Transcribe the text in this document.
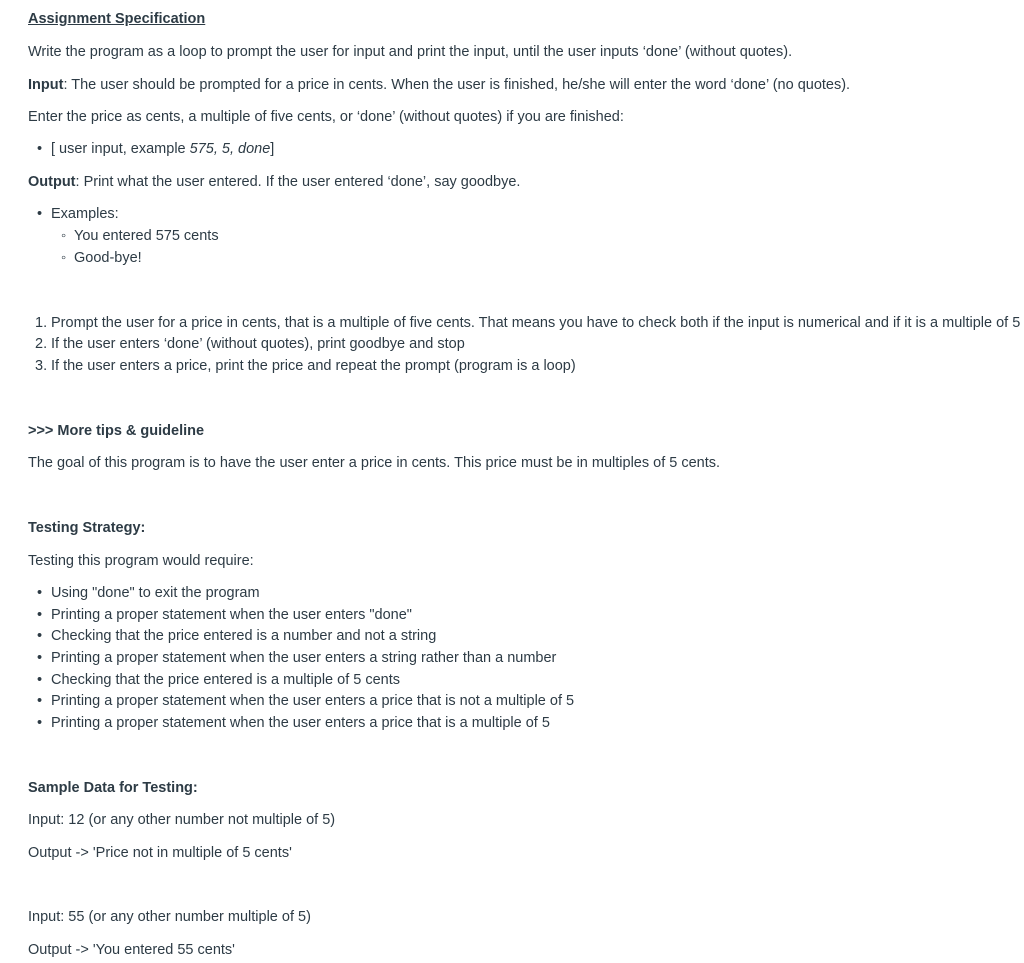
Assignment Specification
Write the program as a loop to prompt the user for input and print the input, until the user inputs ‘done’ (without quotes).
Input: The user should be prompted for a price in cents. When the user is finished, he/she will enter the word ‘done’ (no quotes).
Enter the price as cents, a multiple of five cents, or ‘done’ (without quotes) if you are finished:
• [ user input, example 575, 5, done]
Output: Print what the user entered. If the user entered ‘done’, say goodbye.
• Examples:
◦ You entered 575 cents
◦ Good-bye!
1. Prompt the user for a price in cents, that is a multiple of five cents. That means you have to check both if the input is numerical and if it is a multiple of 5
2. If the user enters ‘done’ (without quotes), print goodbye and stop
3. If the user enters a price, print the price and repeat the prompt (program is a loop)
>>> More tips & guideline
The goal of this program is to have the user enter a price in cents. This price must be in multiples of 5 cents.
Testing Strategy:
Testing this program would require:
• Using "done" to exit the program
• Printing a proper statement when the user enters "done"
• Checking that the price entered is a number and not a string
• Printing a proper statement when the user enters a string rather than a number
• Checking that the price entered is a multiple of 5 cents
• Printing a proper statement when the user enters a price that is not a multiple of 5
• Printing a proper statement when the user enters a price that is a multiple of 5
Sample Data for Testing:
Input: 12 (or any other number not multiple of 5)
Output -> 'Price not in multiple of 5 cents'
Input: 55 (or any other number multiple of 5)
Output -> 'You entered 55 cents'
